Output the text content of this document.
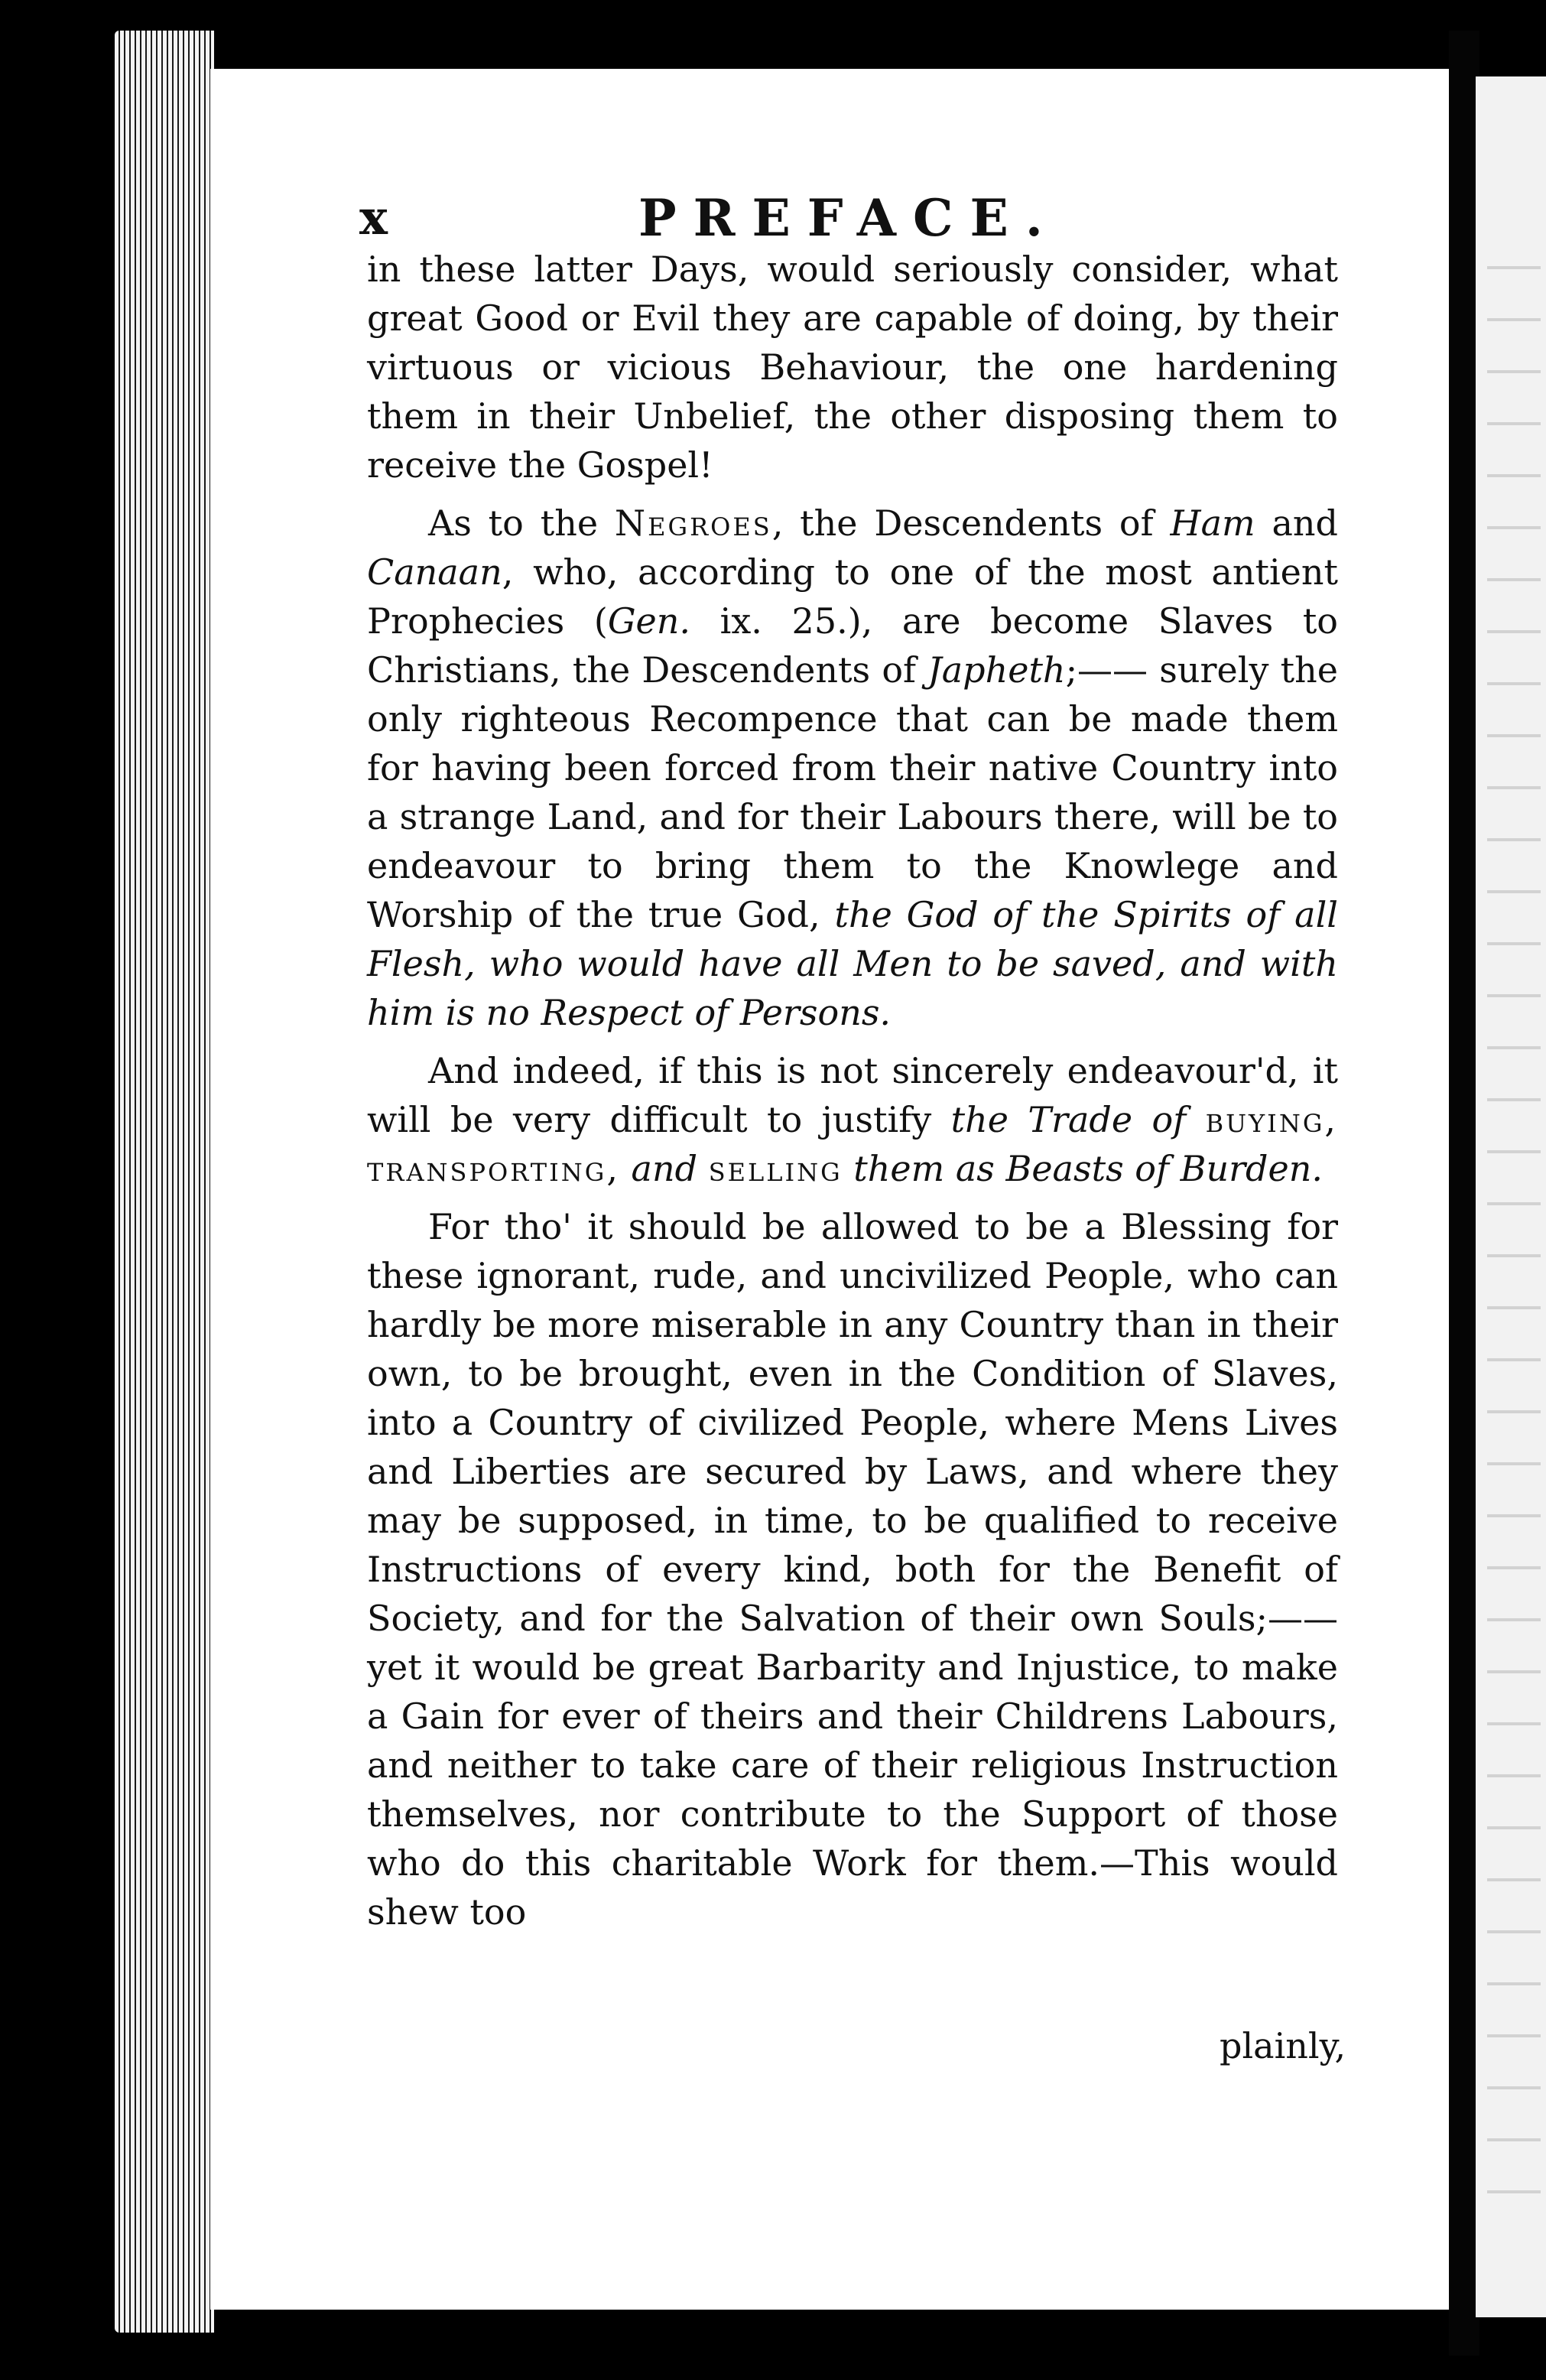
x	PREFACE.

in these latter Days, would seriously consider, what great Good or Evil they are capable of doing, by their virtuous or vicious Behaviour, the one hardening them in their Unbelief, the other disposing them to receive the Gospel!

As to the Negroes, the Descendents of Ham and Canaan, who, according to one of the most antient Prophecies (Gen. ix. 25.), are become Slaves to Christians, the Descendents of Japheth;—— surely the only righteous Recompence that can be made them for having been forced from their native Country into a strange Land, and for their Labours there, will be to endeavour to bring them to the Knowlege and Worship of the true God, the God of the Spirits of all Flesh, who would have all Men to be saved, and with him is no Respect of Persons.

And indeed, if this is not sincerely endeavour'd, it will be very difficult to justify the Trade of buying, transporting, and selling them as Beasts of Burden.

For tho' it should be allowed to be a Blessing for these ignorant, rude, and uncivilized People, who can hardly be more miserable in any Country than in their own, to be brought, even in the Condition of Slaves, into a Country of civilized People, where Mens Lives and Liberties are secured by Laws, and where they may be supposed, in time, to be qualified to receive Instructions of every kind, both for the Benefit of Society, and for the Salvation of their own Souls;——yet it would be great Barbarity and Injustice, to make a Gain for ever of theirs and their Childrens Labours, and neither to take care of their religious Instruction themselves, nor contribute to the Support of those who do this charitable Work for them.—This would shew too

plainly,
